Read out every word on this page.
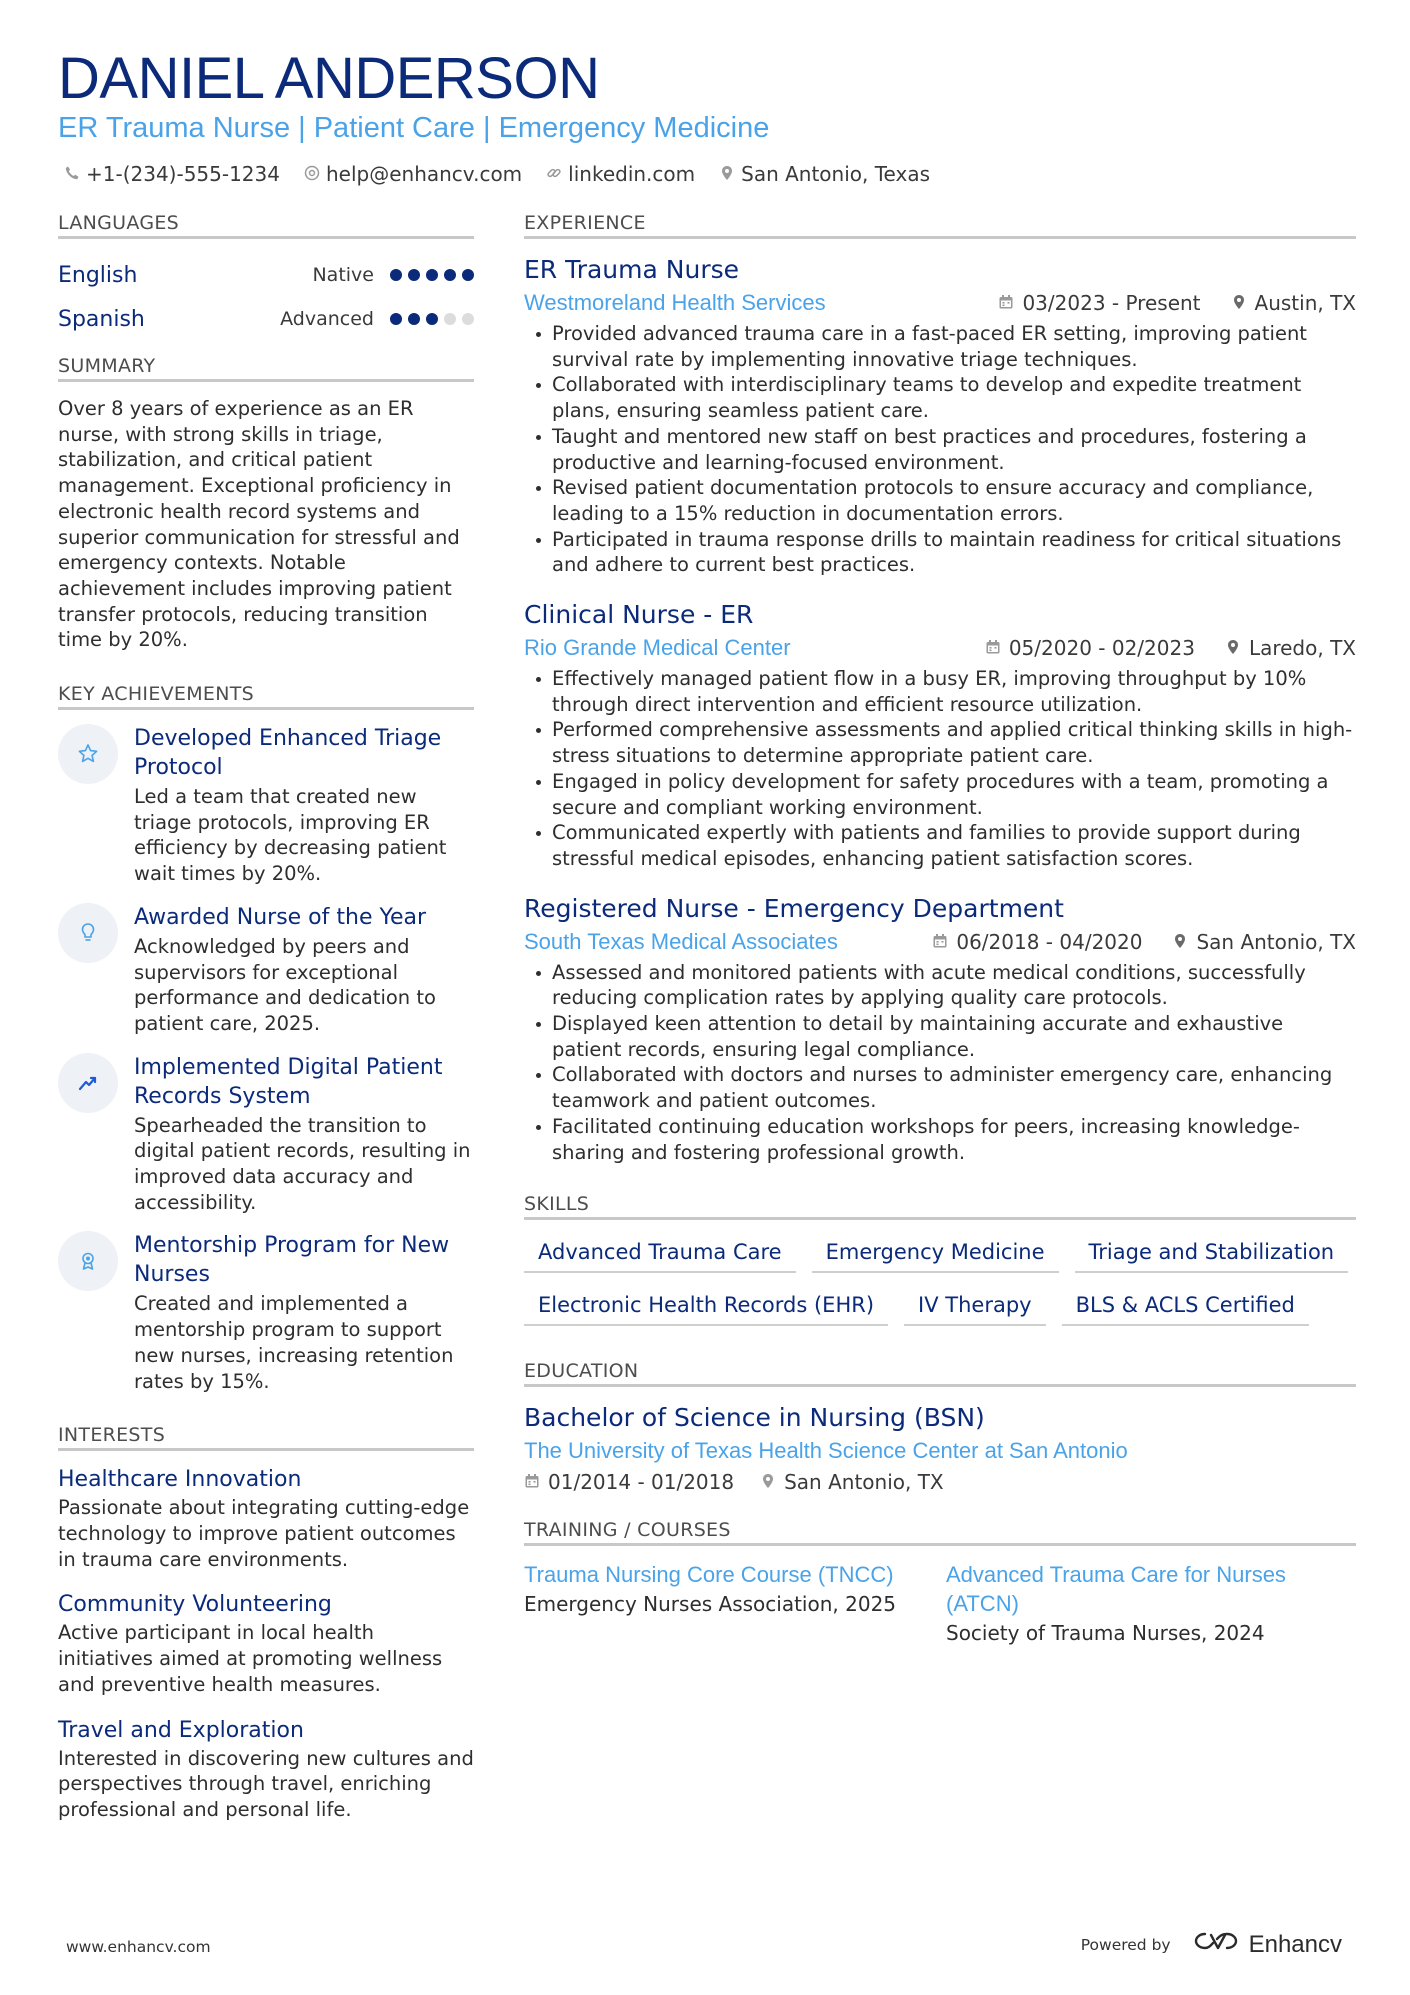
DANIEL ANDERSON
ER Trauma Nurse | Patient Care | Emergency Medicine
+1-(234)-555-1234 help@enhancv.com linkedin.com San Antonio, Texas
LANGUAGES
English	Native
Spanish	Advanced
SUMMARY

Over 8 years of experience as an ER nurse, with strong skills in triage, stabilization, and critical patient management. Exceptional proficiency in electronic health record systems and superior communication for stressful and emergency contexts. Notable achievement includes improving patient transfer protocols, reducing transition time by 20%.

KEY ACHIEVEMENTS
Developed Enhanced Triage Protocol
Led a team that created new triage protocols, improving ER efficiency by decreasing patient wait times by 20%.
Awarded Nurse of the Year
Acknowledged by peers and supervisors for exceptional performance and dedication to patient care, 2025.
Implemented Digital Patient Records System
Spearheaded the transition to digital patient records, resulting in improved data accuracy and accessibility.
Mentorship Program for New Nurses
Created and implemented a mentorship program to support new nurses, increasing retention rates by 15%.
INTERESTS
Healthcare Innovation
Passionate about integrating cutting-edge technology to improve patient outcomes in trauma care environments.
Community Volunteering
Active participant in local health initiatives aimed at promoting wellness and preventive health measures.
Travel and Exploration
Interested in discovering new cultures and perspectives through travel, enriching professional and personal life.
EXPERIENCE
ER Trauma Nurse
Westmoreland Health Services	03/2023 - Present	Austin, TX
Provided advanced trauma care in a fast-paced ER setting, improving patient survival rate by implementing innovative triage techniques.
Collaborated with interdisciplinary teams to develop and expedite treatment plans, ensuring seamless patient care.
Taught and mentored new staff on best practices and procedures, fostering a productive and learning-focused environment.
Revised patient documentation protocols to ensure accuracy and compliance, leading to a 15% reduction in documentation errors.
Participated in trauma response drills to maintain readiness for critical situations and adhere to current best practices.
Clinical Nurse - ER
Rio Grande Medical Center	05/2020 - 02/2023	Laredo, TX
Effectively managed patient flow in a busy ER, improving throughput by 10% through direct intervention and efficient resource utilization.
Performed comprehensive assessments and applied critical thinking skills in high-stress situations to determine appropriate patient care.
Engaged in policy development for safety procedures with a team, promoting a secure and compliant working environment.
Communicated expertly with patients and families to provide support during stressful medical episodes, enhancing patient satisfaction scores.
Registered Nurse - Emergency Department
South Texas Medical Associates	06/2018 - 04/2020	San Antonio, TX
Assessed and monitored patients with acute medical conditions, successfully reducing complication rates by applying quality care protocols.
Displayed keen attention to detail by maintaining accurate and exhaustive patient records, ensuring legal compliance.
Collaborated with doctors and nurses to administer emergency care, enhancing teamwork and patient outcomes.
Facilitated continuing education workshops for peers, increasing knowledge-sharing and fostering professional growth.
SKILLS
Advanced Trauma Care	Emergency Medicine	Triage and Stabilization
Electronic Health Records (EHR)	IV Therapy	BLS & ACLS Certified
EDUCATION
Bachelor of Science in Nursing (BSN)
The University of Texas Health Science Center at San Antonio
01/2014 - 01/2018	San Antonio, TX
TRAINING / COURSES
Trauma Nursing Core Course (TNCC)
Emergency Nurses Association, 2025
Advanced Trauma Care for Nurses (ATCN)
Society of Trauma Nurses, 2024
www.enhancv.com	Powered by	Enhancv
